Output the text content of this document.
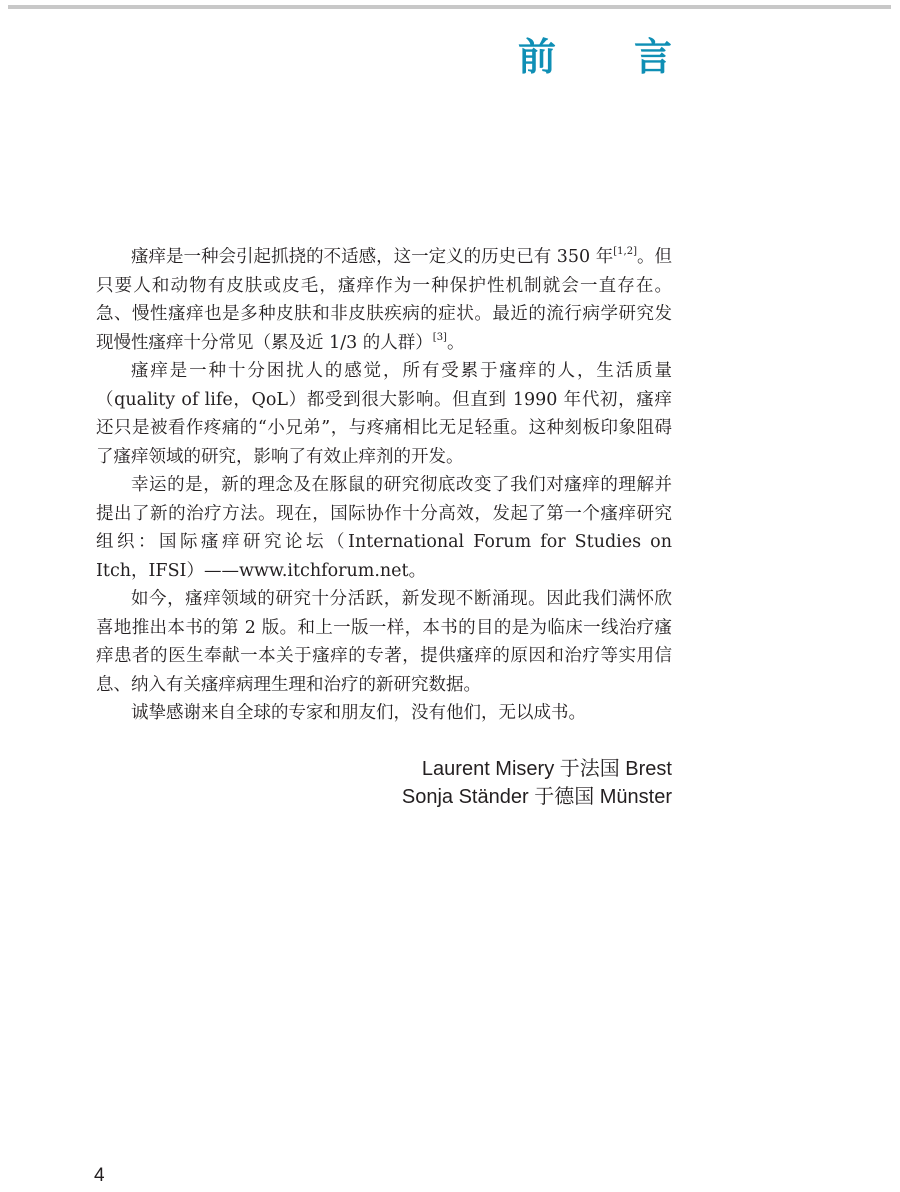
前 言

瘙痒是一种会引起抓挠的不适感，这一定义的历史已有 350 年[1,2]。但只要人和动物有皮肤或皮毛，瘙痒作为一种保护性机制就会一直存在。急、慢性瘙痒也是多种皮肤和非皮肤疾病的症状。最近的流行病学研究发现慢性瘙痒十分常见（累及近 1/3 的人群）[3]。

瘙痒是一种十分困扰人的感觉，所有受累于瘙痒的人，生活质量（quality of life，QoL）都受到很大影响。但直到 1990 年代初，瘙痒还只是被看作疼痛的“小兄弟”，与疼痛相比无足轻重。这种刻板印象阻碍了瘙痒领域的研究，影响了有效止痒剂的开发。

幸运的是，新的理念及在豚鼠的研究彻底改变了我们对瘙痒的理解并提出了新的治疗方法。现在，国际协作十分高效，发起了第一个瘙痒研究组织：国际瘙痒研究论坛（International Forum for Studies on Itch，IFSI）——www.itchforum.net。

如今，瘙痒领域的研究十分活跃，新发现不断涌现。因此我们满怀欣喜地推出本书的第 2 版。和上一版一样，本书的目的是为临床一线治疗瘙痒患者的医生奉献一本关于瘙痒的专著，提供瘙痒的原因和治疗等实用信息、纳入有关瘙痒病理生理和治疗的新研究数据。

诚挚感谢来自全球的专家和朋友们，没有他们，无以成书。

Laurent Misery 于法国 Brest
Sonja Ständer 于德国 Münster
4
